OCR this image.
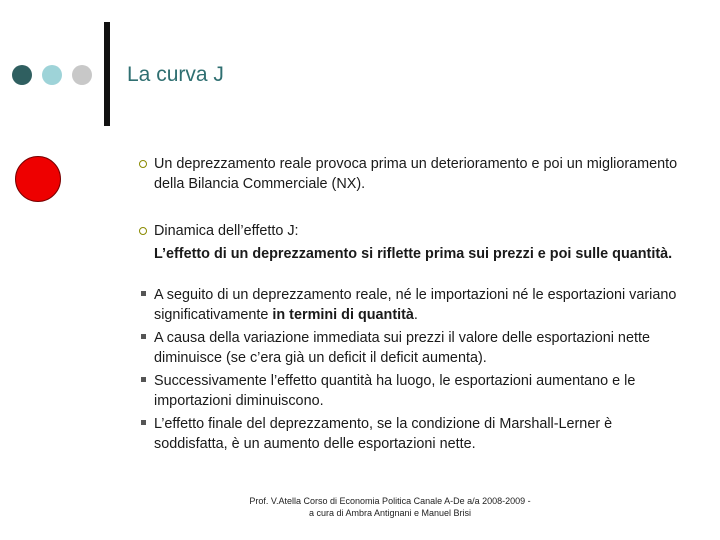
La curva J
Un deprezzamento reale provoca prima un deterioramento e poi un miglioramento della Bilancia Commerciale (NX).
Dinamica dell’effetto J:
L’effetto di un deprezzamento si riflette prima sui prezzi e poi sulle quantità.
A seguito di un deprezzamento reale, né le importazioni né le esportazioni variano significativamente in termini di quantità.
A causa della variazione immediata sui prezzi il valore delle esportazioni nette diminuisce (se c’era già un deficit il deficit aumenta).
Successivamente l’effetto quantità ha luogo, le esportazioni aumentano e le importazioni diminuiscono.
L’effetto finale del deprezzamento, se la condizione di Marshall-Lerner è soddisfatta, è un aumento delle esportazioni nette.
Prof. V.Atella Corso di Economia Politica Canale A-De a/a 2008-2009 -
a cura di Ambra Antignani e Manuel Brisi
